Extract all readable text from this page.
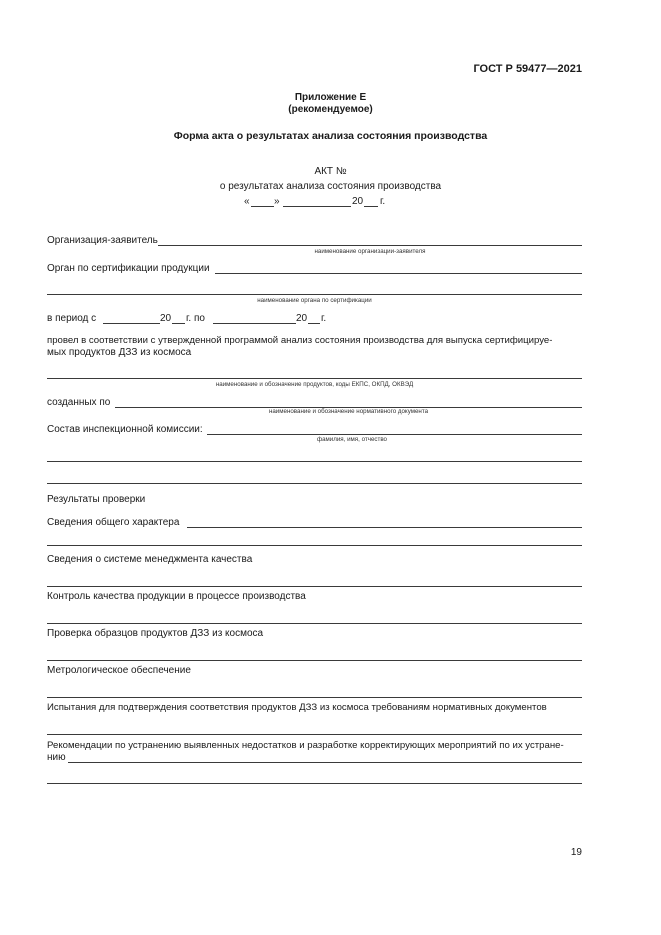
ГОСТ Р 59477—2021
Приложение Е
(рекомендуемое)
Форма акта о результатах анализа состояния производства
АКТ №
о результатах анализа состояния производства
« »	20 г.
Организация-заявитель
наименование организации-заявителя
Орган по сертификации продукции
наименование органа по сертификации
в период с	20 г. по	20 г.
провел в соответствии с утвержденной программой анализ состояния производства для выпуска сертифицируе-
мых продуктов ДЗЗ из космоса
наименование и обозначение продуктов, коды ЕКПС, ОКПД, ОКВЭД
созданных по
наименование и обозначение нормативного документа
Состав инспекционной комиссии:
фамилия, имя, отчество
Результаты проверки
Сведения общего характера
Сведения о системе менеджмента качества
Контроль качества продукции в процессе производства
Проверка образцов продуктов ДЗЗ из космоса
Метрологическое обеспечение
Испытания для подтверждения соответствия продуктов ДЗЗ из космоса требованиям нормативных документов
Рекомендации по устранению выявленных недостатков и разработке корректирующих мероприятий по их устране-
нию
19
